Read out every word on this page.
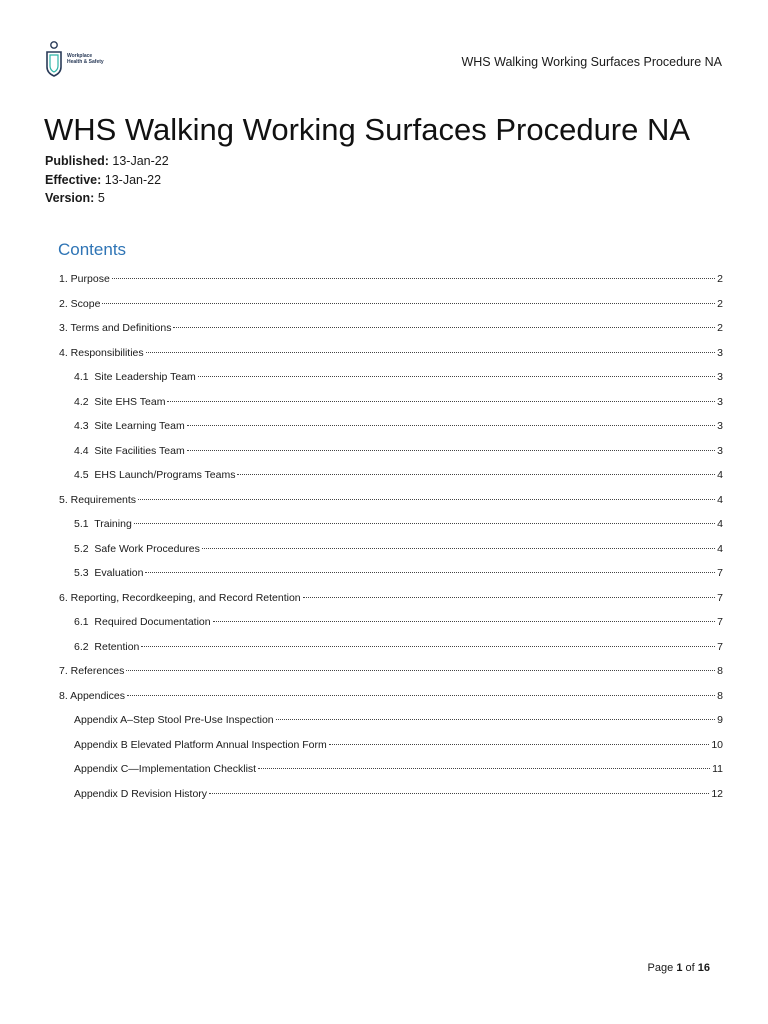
Workplace
Health & Safety	WHS Walking Working Surfaces Procedure NA
WHS Walking Working Surfaces Procedure NA
Published: 13-Jan-22
Effective: 13-Jan-22
Version: 5
Contents
1. Purpose	2
2. Scope	2
3. Terms and Definitions	2
4. Responsibilities	3
4.1  Site Leadership Team	3
4.2  Site EHS Team	3
4.3  Site Learning Team	3
4.4  Site Facilities Team	3
4.5  EHS Launch/Programs Teams	4
5. Requirements	4
5.1  Training	4
5.2  Safe Work Procedures	4
5.3  Evaluation	7
6. Reporting, Recordkeeping, and Record Retention	7
6.1  Required Documentation	7
6.2  Retention	7
7. References	8
8. Appendices	8
Appendix A–Step Stool Pre-Use Inspection	9
Appendix B Elevated Platform Annual Inspection Form	10
Appendix C—Implementation Checklist	11
Appendix D Revision History	12
Page 1 of 16
